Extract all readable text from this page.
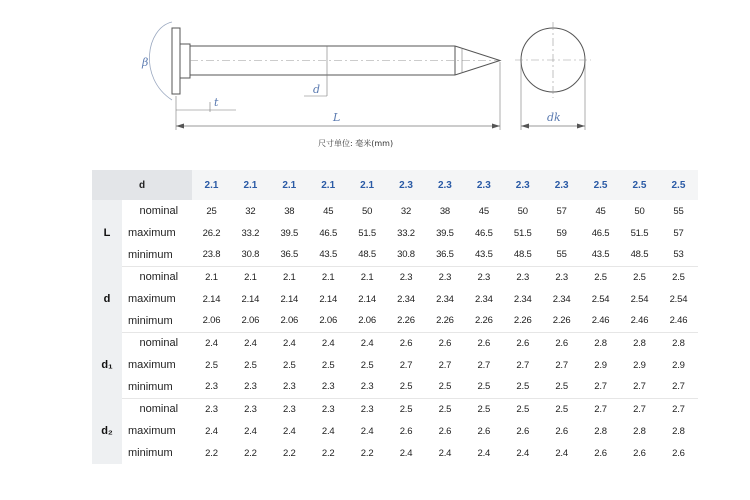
β
d
t
L	dk
尺寸单位: 毫米(mm)
d		2.1	2.1	2.1	2.1	2.1	2.3	2.3	2.3	2.3	2.3	2.5	2.5	2.5
L	nominal	25	32	38	45	50	32	38	45	50	57	45	50	55
	maximum	26.2	33.2	39.5	46.5	51.5	33.2	39.5	46.5	51.5	59	46.5	51.5	57
	minimum	23.8	30.8	36.5	43.5	48.5	30.8	36.5	43.5	48.5	55	43.5	48.5	53
d	nominal	2.1	2.1	2.1	2.1	2.1	2.3	2.3	2.3	2.3	2.3	2.5	2.5	2.5
	maximum	2.14	2.14	2.14	2.14	2.14	2.34	2.34	2.34	2.34	2.34	2.54	2.54	2.54
	minimum	2.06	2.06	2.06	2.06	2.06	2.26	2.26	2.26	2.26	2.26	2.46	2.46	2.46
d₁	nominal	2.4	2.4	2.4	2.4	2.4	2.6	2.6	2.6	2.6	2.6	2.8	2.8	2.8
	maximum	2.5	2.5	2.5	2.5	2.5	2.7	2.7	2.7	2.7	2.7	2.9	2.9	2.9
	minimum	2.3	2.3	2.3	2.3	2.3	2.5	2.5	2.5	2.5	2.5	2.7	2.7	2.7
d₂	nominal	2.3	2.3	2.3	2.3	2.3	2.5	2.5	2.5	2.5	2.5	2.7	2.7	2.7
	maximum	2.4	2.4	2.4	2.4	2.4	2.6	2.6	2.6	2.6	2.6	2.8	2.8	2.8
	minimum	2.2	2.2	2.2	2.2	2.2	2.4	2.4	2.4	2.4	2.4	2.6	2.6	2.6
